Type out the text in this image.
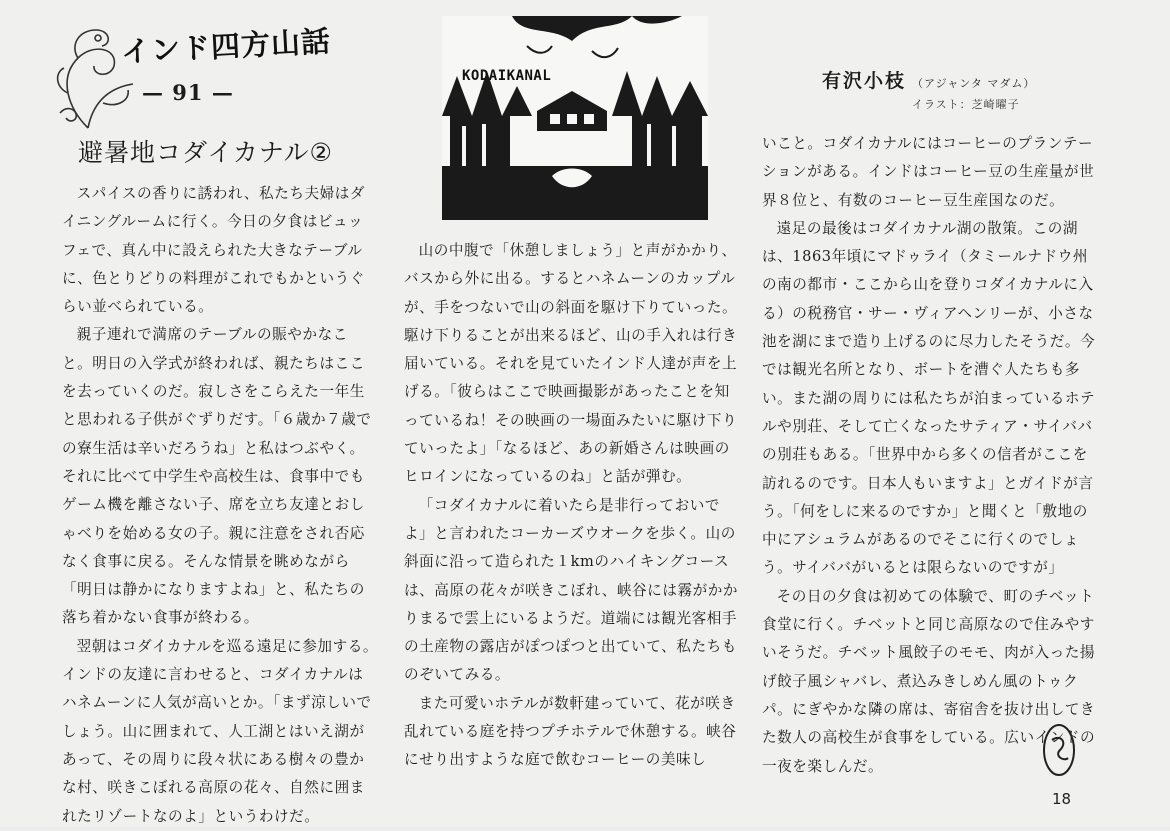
インド四方山話
— 91 —
避暑地コダイカナル②
KODAIKANAL	有沢小枝 （アジャンタ マダム）
イラスト：芝崎曜子

スパイスの香りに誘われ、私たち夫婦はダイニングルームに行く。今日の夕食はビュッフェで、真ん中に設えられた大きなテーブルに、色とりどりの料理がこれでもかというぐらい並べられている。

親子連れで満席のテーブルの賑やかなこと。明日の入学式が終われば、親たちはここを去っていくのだ。寂しさをこらえた一年生と思われる子供がぐずりだす。「６歳か７歳での寮生活は辛いだろうね」と私はつぶやく。それに比べて中学生や高校生は、食事中でもゲーム機を離さない子、席を立ち友達とおしゃべりを始める女の子。親に注意をされ否応なく食事に戻る。そんな情景を眺めながら「明日は静かになりますよね」と、私たちの落ち着かない食事が終わる。

翌朝はコダイカナルを巡る遠足に参加する。インドの友達に言わせると、コダイカナルはハネムーンに人気が高いとか。「まず涼しいでしょう。山に囲まれて、人工湖とはいえ湖があって、その周りに段々状にある樹々の豊かな村、咲きこぼれる高原の花々、自然に囲まれたリゾートなのよ」というわけだ。

山の中腹で「休憩しましょう」と声がかかり、バスから外に出る。するとハネムーンのカップルが、手をつないで山の斜面を駆け下りていった。駆け下りることが出来るほど、山の手入れは行き届いている。それを見ていたインド人達が声を上げる。「彼らはここで映画撮影があったことを知っているね！その映画の一場面みたいに駆け下りていったよ」「なるほど、あの新婚さんは映画のヒロインになっているのね」と話が弾む。

「コダイカナルに着いたら是非行っておいでよ」と言われたコーカーズウオークを歩く。山の斜面に沿って造られた１kmのハイキングコースは、高原の花々が咲きこぼれ、峡谷には霧がかかりまるで雲上にいるようだ。道端には観光客相手の土産物の露店がぽつぽつと出ていて、私たちものぞいてみる。

また可愛いホテルが数軒建っていて、花が咲き乱れている庭を持つプチホテルで休憩する。峡谷にせり出すような庭で飲むコーヒーの美味し

いこと。コダイカナルにはコーヒーのプランテーションがある。インドはコーヒー豆の生産量が世界８位と、有数のコーヒー豆生産国なのだ。

遠足の最後はコダイカナル湖の散策。この湖は、1863年頃にマドゥライ（タミールナドウ州の南の都市・ここから山を登りコダイカナルに入る）の税務官・サー・ヴィアヘンリーが、小さな池を湖にまで造り上げるのに尽力したそうだ。今では観光名所となり、ボートを漕ぐ人たちも多い。また湖の周りには私たちが泊まっているホテルや別荘、そして亡くなったサティア・サイババの別荘もある。「世界中から多くの信者がここを訪れるのです。日本人もいますよ」とガイドが言う。「何をしに来るのですか」と聞くと「敷地の中にアシュラムがあるのでそこに行くのでしょう。サイババがいるとは限らないのですが」

その日の夕食は初めての体験で、町のチベット食堂に行く。チベットと同じ高原なので住みやすいそうだ。チベット風餃子のモモ、肉が入った揚げ餃子風シャバレ、煮込みきしめん風のトゥクパ。にぎやかな隣の席は、寄宿舎を抜け出してきた数人の高校生が食事をしている。広いインドの一夜を楽しんだ。

18
